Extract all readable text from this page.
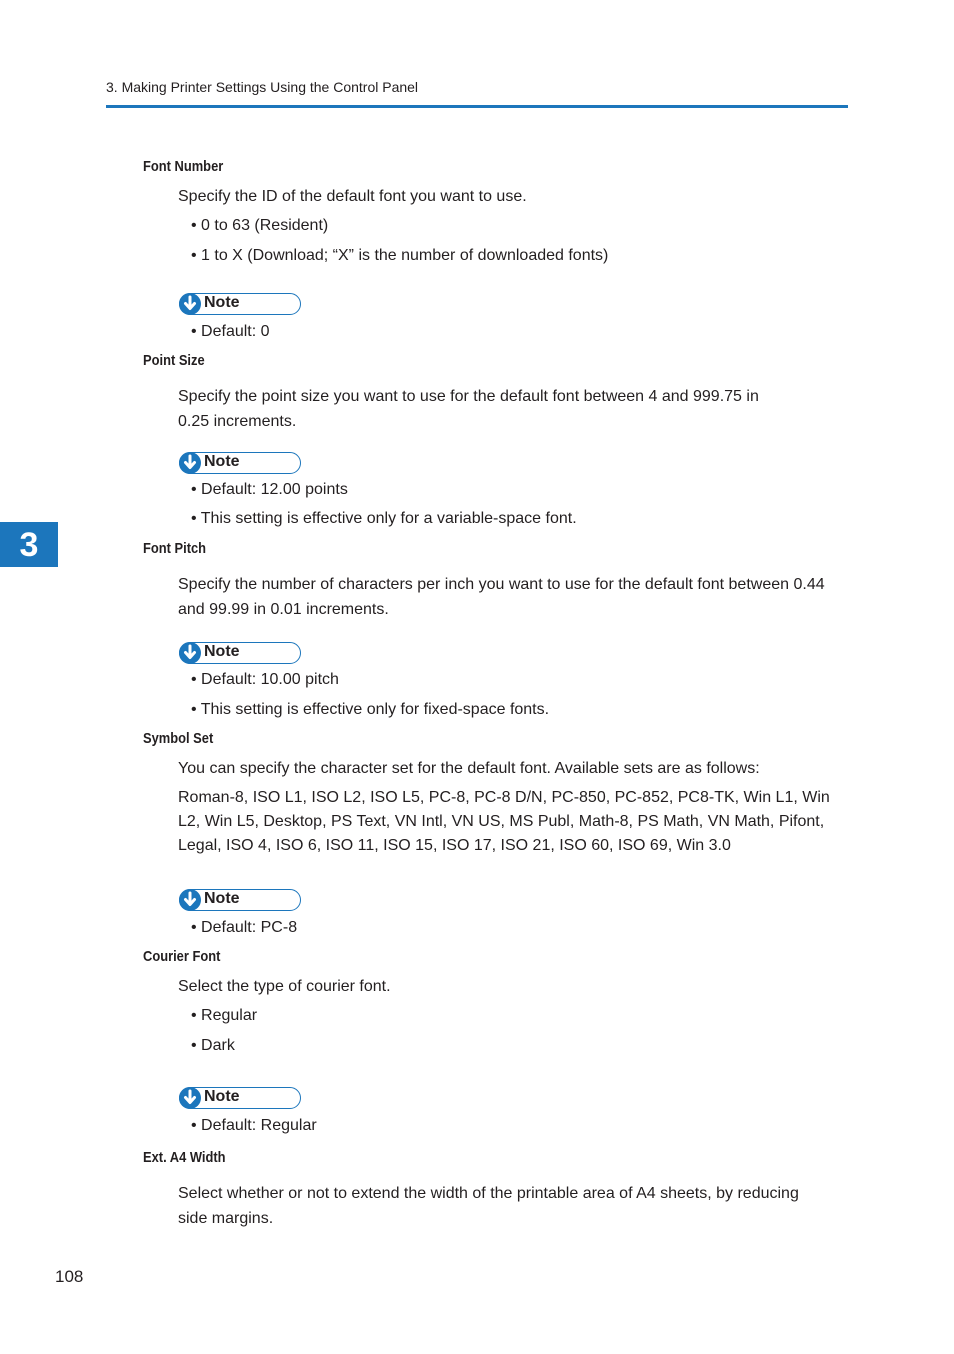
3. Making Printer Settings Using the Control Panel
3
Font Number
Specify the ID of the default font you want to use.
• 0 to 63 (Resident)
• 1 to X (Download; “X” is the number of downloaded fonts)
Note
• Default: 0
Point Size
Specify the point size you want to use for the default font between 4 and 999.75 in
0.25 increments.
Note
• Default: 12.00 points
• This setting is effective only for a variable-space font.
Font Pitch
Specify the number of characters per inch you want to use for the default font between 0.44
and 99.99 in 0.01 increments.
Note
• Default: 10.00 pitch
• This setting is effective only for fixed-space fonts.
Symbol Set
You can specify the character set for the default font. Available sets are as follows:
Roman-8, ISO L1, ISO L2, ISO L5, PC-8, PC-8 D/N, PC-850, PC-852, PC8-TK, Win L1, Win
L2, Win L5, Desktop, PS Text, VN Intl, VN US, MS Publ, Math-8, PS Math, VN Math, Pifont,
Legal, ISO 4, ISO 6, ISO 11, ISO 15, ISO 17, ISO 21, ISO 60, ISO 69, Win 3.0
Note
• Default: PC-8
Courier Font
Select the type of courier font.
• Regular
• Dark
Note
• Default: Regular
Ext. A4 Width
Select whether or not to extend the width of the printable area of A4 sheets, by reducing
side margins.
108
